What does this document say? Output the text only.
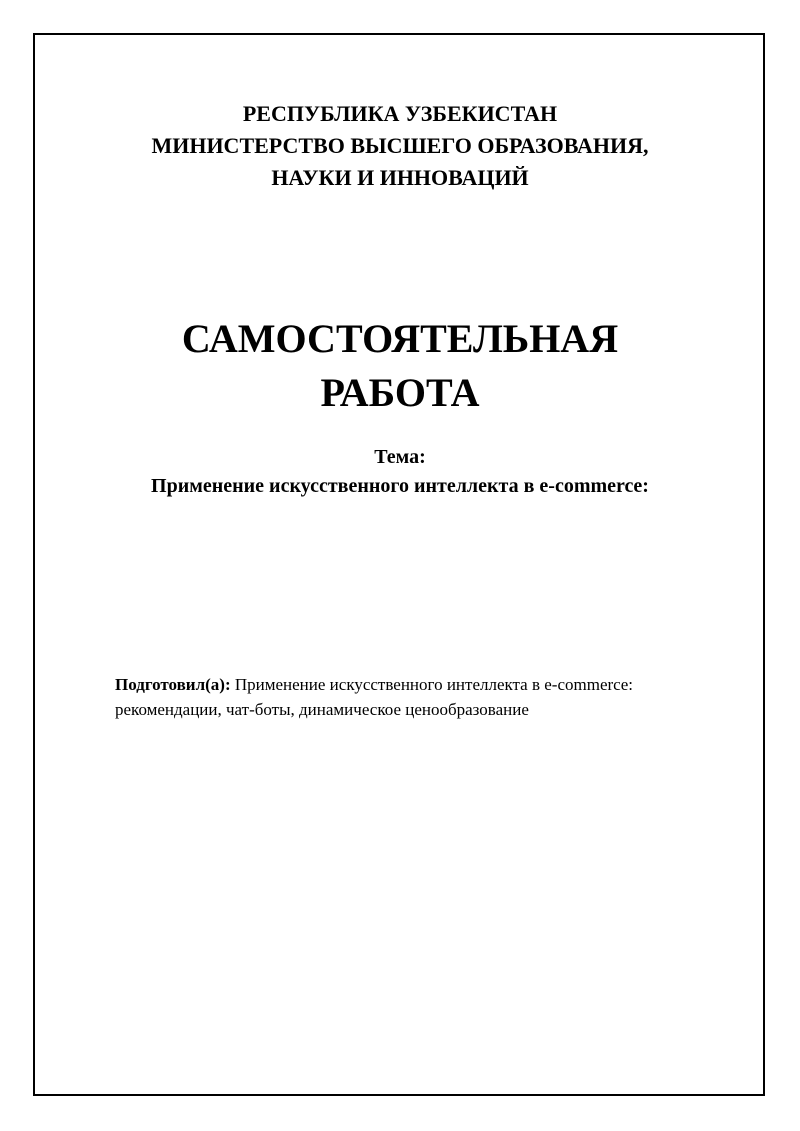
РЕСПУБЛИКА УЗБЕКИСТАН
МИНИСТЕРСТВО ВЫСШЕГО ОБРАЗОВАНИЯ,
НАУКИ И ИННОВАЦИЙ
САМОСТОЯТЕЛЬНАЯ
РАБОТА
Тема:
Применение искусственного интеллекта в e-commerce:
Подготовил(а): Применение искусственного интеллекта в e-commerce:
рекомендации, чат-боты, динамическое ценообразование
